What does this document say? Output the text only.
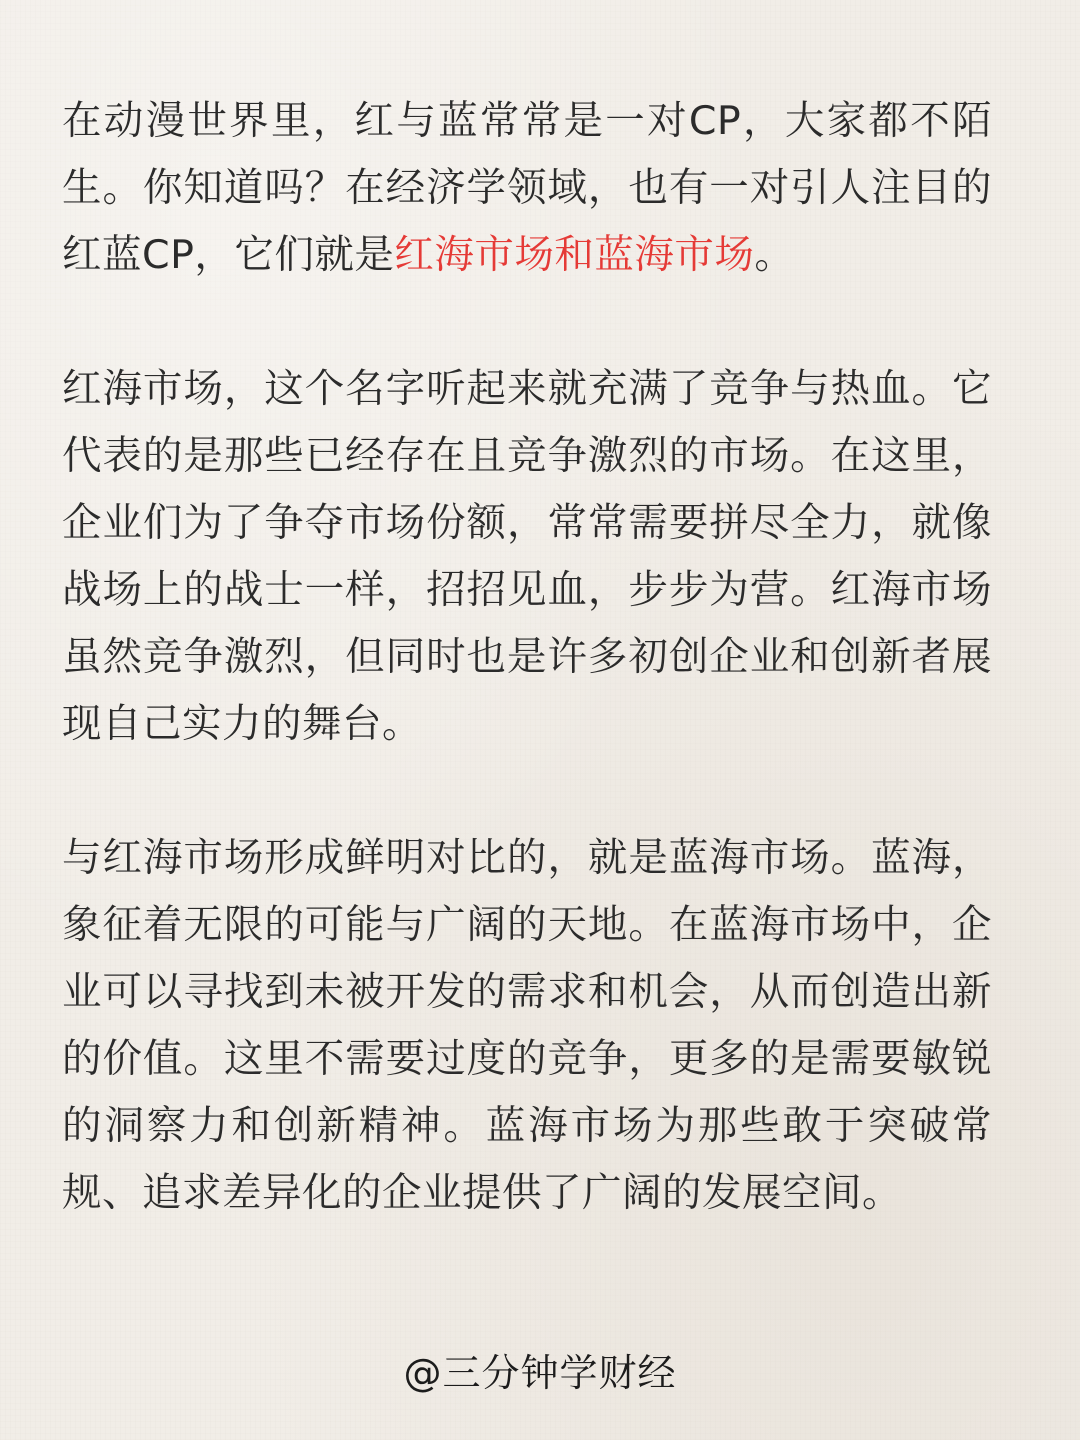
在动漫世界里，红与蓝常常是一对CP，大家都不陌生。你知道吗？在经济学领域，也有一对引人注目的红蓝CP，它们就是红海市场和蓝海市场。

红海市场，这个名字听起来就充满了竞争与热血。它代表的是那些已经存在且竞争激烈的市场。在这里，企业们为了争夺市场份额，常常需要拼尽全力，就像战场上的战士一样，招招见血，步步为营。红海市场虽然竞争激烈，但同时也是许多初创企业和创新者展现自己实力的舞台。

与红海市场形成鲜明对比的，就是蓝海市场。蓝海，象征着无限的可能与广阔的天地。在蓝海市场中，企业可以寻找到未被开发的需求和机会，从而创造出新的价值。这里不需要过度的竞争，更多的是需要敏锐的洞察力和创新精神。蓝海市场为那些敢于突破常规、追求差异化的企业提供了广阔的发展空间。

@三分钟学财经
